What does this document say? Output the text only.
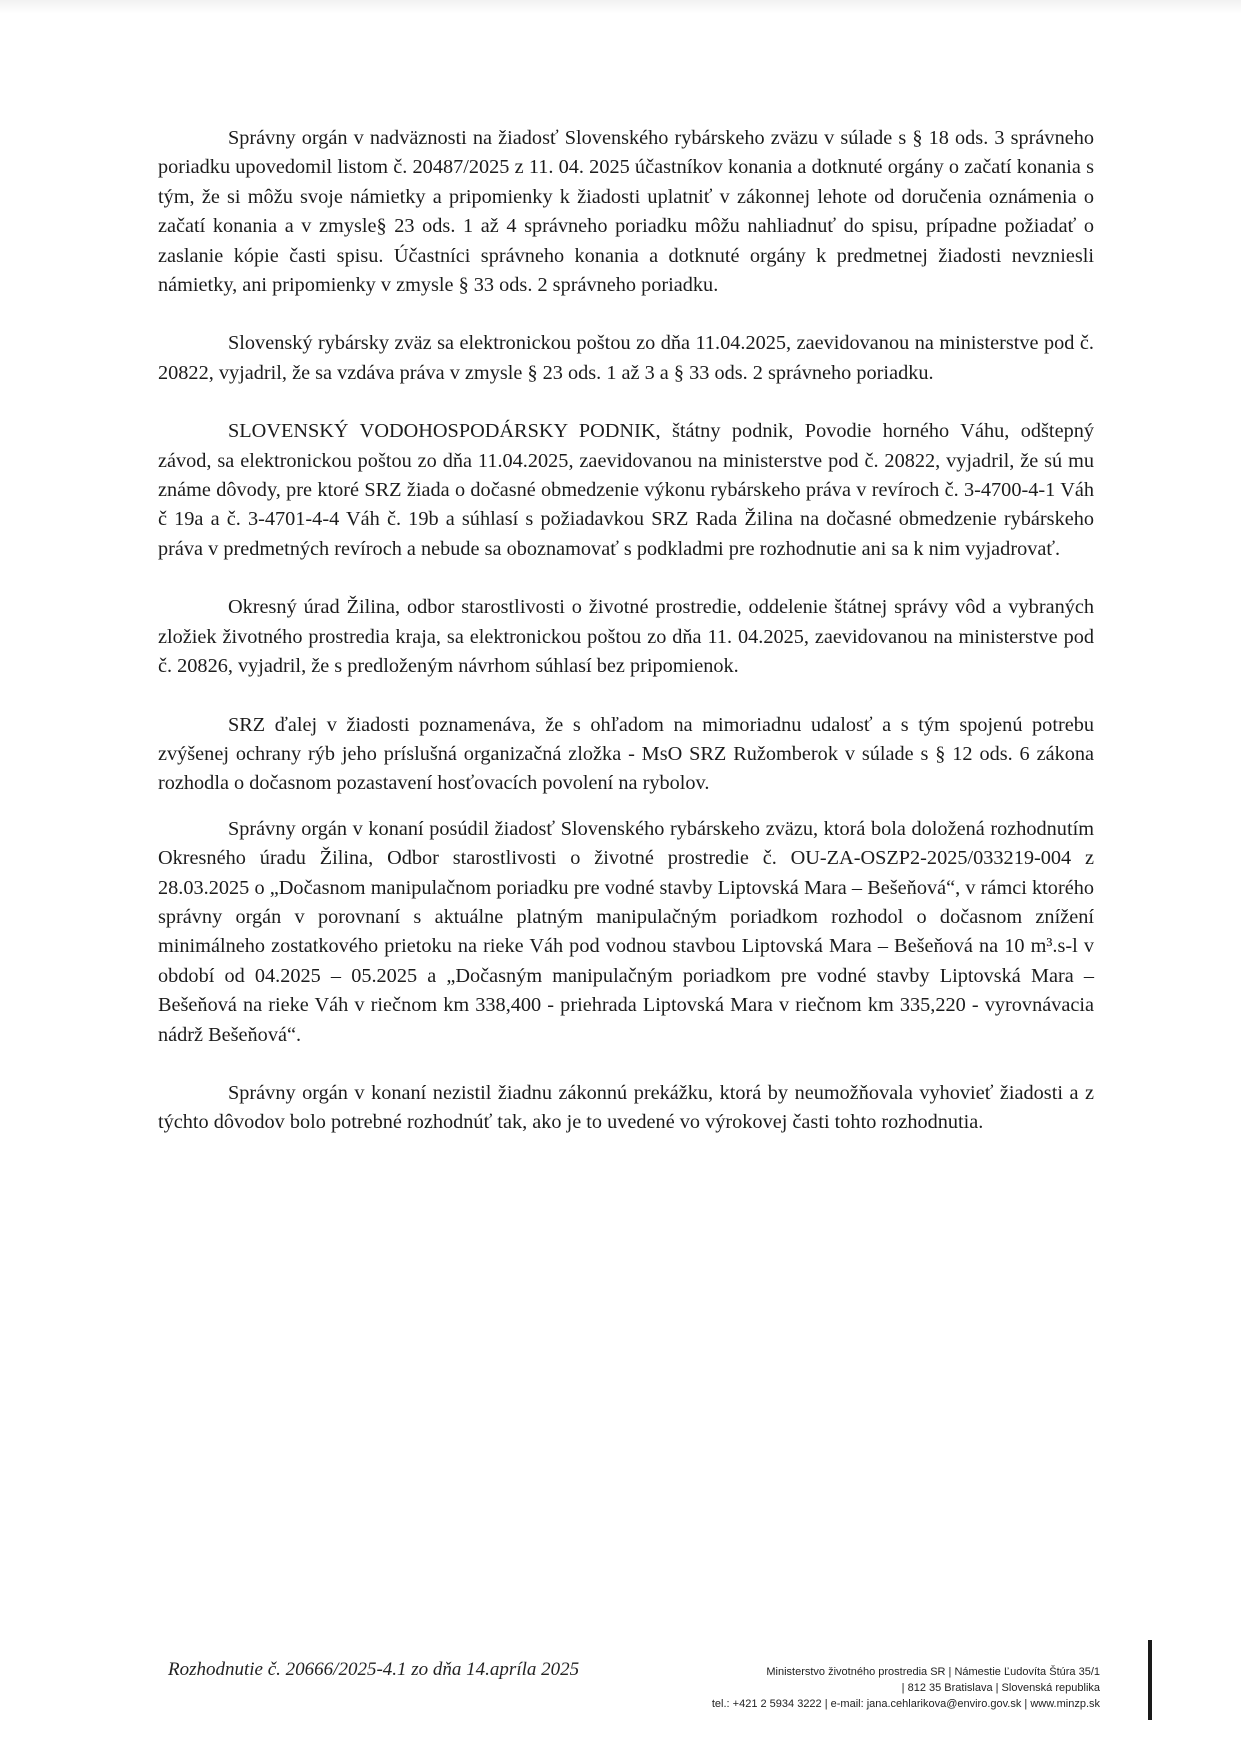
Správny orgán v nadväznosti na žiadosť Slovenského rybárskeho zväzu v súlade s § 18 ods. 3 správneho poriadku upovedomil listom č. 20487/2025 z 11. 04. 2025 účastníkov konania a dotknuté orgány o začatí konania s tým, že si môžu svoje námietky a pripomienky k žiadosti uplatniť v zákonnej lehote od doručenia oznámenia o začatí konania a v zmysle§ 23 ods. 1 až 4 správneho poriadku môžu nahliadnuť do spisu, prípadne požiadať o zaslanie kópie časti spisu. Účastníci správneho konania a dotknuté orgány k predmetnej žiadosti nevzniesli námietky, ani pripomienky v zmysle § 33 ods. 2 správneho poriadku.

Slovenský rybársky zväz sa elektronickou poštou zo dňa 11.04.2025, zaevidovanou na ministerstve pod č. 20822, vyjadril, že sa vzdáva práva v zmysle § 23 ods. 1 až 3 a § 33 ods. 2 správneho poriadku.

SLOVENSKÝ VODOHOSPODÁRSKY PODNIK, štátny podnik, Povodie horného Váhu, odštepný závod, sa elektronickou poštou zo dňa 11.04.2025, zaevidovanou na ministerstve pod č. 20822, vyjadril, že sú mu známe dôvody, pre ktoré SRZ žiada o dočasné obmedzenie výkonu rybárskeho práva v revíroch č. 3-4700-4-1 Váh č 19a a č. 3-4701-4-4 Váh č. 19b a súhlasí s požiadavkou SRZ Rada Žilina na dočasné obmedzenie rybárskeho práva v predmetných revíroch a nebude sa oboznamovať s podkladmi pre rozhodnutie ani sa k nim vyjadrovať.

Okresný úrad Žilina, odbor starostlivosti o životné prostredie, oddelenie štátnej správy vôd a vybraných zložiek životného prostredia kraja, sa elektronickou poštou zo dňa 11. 04.2025, zaevidovanou na ministerstve pod č. 20826, vyjadril, že s predloženým návrhom súhlasí bez pripomienok.

SRZ ďalej v žiadosti poznamenáva, že s ohľadom na mimoriadnu udalosť a s tým spojenú potrebu zvýšenej ochrany rýb jeho príslušná organizačná zložka - MsO SRZ Ružomberok v súlade s § 12 ods. 6 zákona rozhodla o dočasnom pozastavení hosťovacích povolení na rybolov.

Správny orgán v konaní posúdil žiadosť Slovenského rybárskeho zväzu, ktorá bola doložená rozhodnutím Okresného úradu Žilina, Odbor starostlivosti o životné prostredie č. OU-ZA-OSZP2-2025/033219-004 z 28.03.2025 o „Dočasnom manipulačnom poriadku pre vodné stavby Liptovská Mara – Bešeňová“, v rámci ktorého správny orgán v porovnaní s aktuálne platným manipulačným poriadkom rozhodol o dočasnom znížení minimálneho zostatkového prietoku na rieke Váh pod vodnou stavbou Liptovská Mara – Bešeňová na 10 m³.s-l v období od 04.2025 – 05.2025 a „Dočasným manipulačným poriadkom pre vodné stavby Liptovská Mara – Bešeňová na rieke Váh v riečnom km 338,400 - priehrada Liptovská Mara v riečnom km 335,220 - vyrovnávacia nádrž Bešeňová“.

Správny orgán v konaní nezistil žiadnu zákonnú prekážku, ktorá by neumožňovala vyhovieť žiadosti a z týchto dôvodov bolo potrebné rozhodnúť tak, ako je to uvedené vo výrokovej časti tohto rozhodnutia.

Rozhodnutie č. 20666/2025-4.1 zo dňa 14.apríla 2025	Ministerstvo životného prostredia SR | Námestie Ľudovíta Štúra 35/1
| 812 35 Bratislava | Slovenská republika
tel.: +421 2 5934 3222 | e-mail: jana.cehlarikova@enviro.gov.sk | www.minzp.sk
